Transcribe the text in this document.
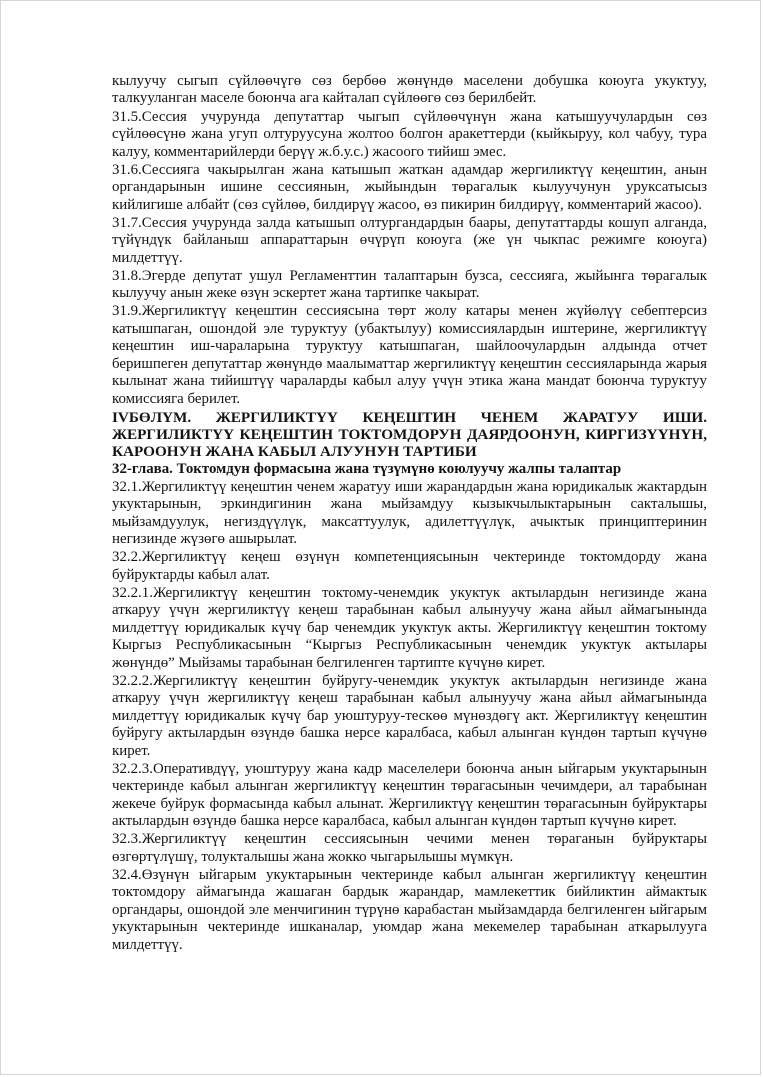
кылуучу сыгып сүйлөөчүгө сөз бербөө жөнүндө маселени добушка коюуга укуктуу, талкууланган маселе боюнча ага кайталап сүйлөөгө сөз берилбейт.

31.5.Сессия учурунда депутаттар чыгып сүйлөөчүнүн жана катышуучулардын сөз сүйлөөсүнө жана угуп олтуруусуна жолтоо болгон аракеттерди (кыйкыруу, кол чабуу, тура калуу, комментарийлерди берүү ж.б.у.с.) жасоого тийиш эмес.

31.6.Сессияга чакырылган жана катышып жаткан адамдар жергиликтүү кеңештин, анын органдарынын ишине сессиянын, жыйындын төрагалык кылуучунун уруксатысыз кийлигише албайт (сөз сүйлөө, билдирүү жасоо, өз пикирин билдирүү, комментарий жасоо).

31.7.Сессия учурунда залда катышып олтургандардын баары, депутаттарды кошуп алганда, түйүндүк байланыш аппараттарын өчүрүп коюуга (же үн чыкпас режимге коюуга) милдеттүү.

31.8.Эгерде депутат ушул Регламенттин талаптарын бузса, сессияга, жыйынга төрагалык кылуучу анын жеке өзүн эскертет жана тартипке чакырат.

31.9.Жергиликтүү кеңештин сессиясына төрт жолу катары менен жүйөлүү себептерсиз катышпаган, ошондой эле туруктуу (убактылуу) комиссиялардын иштерине, жергиликтүү кеңештин иш-чараларына туруктуу катышпаган, шайлоочулардын алдында отчет беришпеген депутаттар жөнүндө маалыматтар жергиликтүү кеңештин сессияларында жарыя кылынат жана тийиштүү чараларды кабыл алуу үчүн этика жана мандат боюнча туруктуу комиссияга берилет.

IVБӨЛҮМ. ЖЕРГИЛИКТҮҮ КЕҢЕШТИН ЧЕНЕМ ЖАРАТУУ ИШИ. ЖЕРГИЛИКТҮҮ КЕҢЕШТИН ТОКТОМДОРУН ДАЯРДООНУН, КИРГИЗҮҮНҮН, КАРООНУН ЖАНА КАБЫЛ АЛУУНУН ТАРТИБИ

32-глава. Токтомдун формасына жана түзүмүнө коюлуучу жалпы талаптар

32.1.Жергиликтүү кеңештин ченем жаратуу иши жарандардын жана юридикалык жактардын укуктарынын, эркиндигинин жана мыйзамдуу кызыкчылыктарынын сакталышы, мыйзамдуулук, негиздүүлүк, максаттуулук, адилеттүүлүк, ачыктык принциптеринин негизинде жүзөгө ашырылат.

32.2.Жергиликтүү кеңеш өзүнүн компетенциясынын чектеринде токтомдорду жана буйруктарды кабыл алат.

32.2.1.Жергиликтүү кеңештин токтому-ченемдик укуктук актылардын негизинде жана аткаруу үчүн жергиликтүү кеңеш тарабынан кабыл алынуучу жана айыл аймагынында милдеттүү юридикалык күчү бар ченемдик укуктук акты. Жергиликтүү кеңештин токтому Кыргыз Республикасынын “Кыргыз Республикасынын ченемдик укуктук актылары жөнүндө” Мыйзамы тарабынан белгиленген тартипте күчүнө кирет.

32.2.2.Жергиликтүү кеңештин буйругу-ченемдик укуктук актылардын негизинде жана аткаруу үчүн жергиликтүү кеңеш тарабынан кабыл алынуучу жана айыл аймагынында милдеттүү юридикалык күчү бар уюштуруу-тескөө мүнөздөгү акт. Жергиликтүү кеңештин буйругу актылардын өзүндө башка нерсе каралбаса, кабыл алынган күндөн тартып күчүнө кирет.

32.2.3.Оперативдүү, уюштуруу жана кадр маселелери боюнча анын ыйгарым укуктарынын чектеринде кабыл алынган жергиликтүү кеңештин төрагасынын чечимдери, ал тарабынан жекече буйрук формасында кабыл алынат. Жергиликтүү кеңештин төрагасынын буйруктары актылардын өзүндө башка нерсе каралбаса, кабыл алынган күндөн тартып күчүнө кирет.

32.3.Жергиликтүү кеңештин сессиясынын чечими менен төраганын буйруктары өзгөртүлүшү, толукталышы жана жокко чыгарылышы мүмкүн.

32.4.Өзүнүн ыйгарым укуктарынын чектеринде кабыл алынган жергиликтүү кеңештин токтомдору аймагында жашаган бардык жарандар, мамлекеттик бийликтин аймактык органдары, ошондой эле менчигинин түрүнө карабастан мыйзамдарда белгиленген ыйгарым укуктарынын чектеринде ишканалар, уюмдар жана мекемелер тарабынан аткарылууга милдеттүү.
